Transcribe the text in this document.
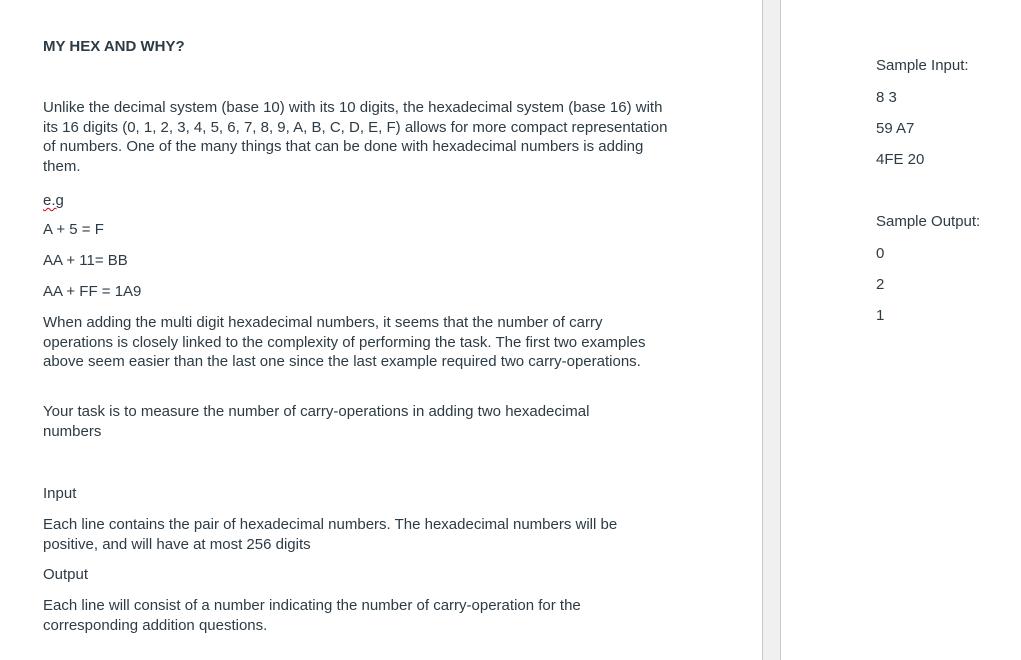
MY HEX AND WHY?
Unlike the decimal system (base 10) with its 10 digits, the hexadecimal system (base 16) with its 16 digits (0, 1, 2, 3, 4, 5, 6, 7, 8, 9, A, B, C, D, E, F) allows for more compact representation of numbers. One of the many things that can be done with hexadecimal numbers is adding them.
e.g
A + 5 = F
AA + 11= BB
AA + FF = 1A9
When adding the multi digit hexadecimal numbers, it seems that the number of carry operations is closely linked to the complexity of performing the task. The first two examples above seem easier than the last one since the last example required two carry-operations.
Your task is to measure the number of carry-operations in adding two hexadecimal numbers
Input
Each line contains the pair of hexadecimal numbers. The hexadecimal numbers will be positive, and will have at most 256 digits
Output
Each line will consist of a number indicating the number of carry-operation for the corresponding addition questions.
Sample Input:
8 3
59 A7
4FE 20
Sample Output:
0
2
1
